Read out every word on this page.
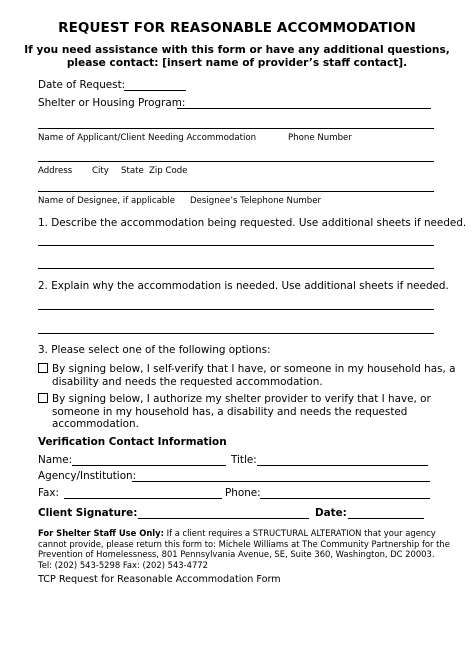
REQUEST FOR REASONABLE ACCOMMODATION
If you need assistance with this form or have any additional questions,
please contact: [insert name of provider’s staff contact].
Date of Request:
Shelter or Housing Program:
Name of Applicant/Client Needing Accommodation	Phone Number
Address City State Zip Code
Name of Designee, if applicable Designee’s Telephone Number
1. Describe the accommodation being requested. Use additional sheets if needed.
2. Explain why the accommodation is needed. Use additional sheets if needed.
3. Please select one of the following options:
By signing below, I self-verify that I have, or someone in my household has, a
disability and needs the requested accommodation.
By signing below, I authorize my shelter provider to verify that I have, or
someone in my household has, a disability and needs the requested
accommodation.
Verification Contact Information
Name:	Title:
Agency/Institution:
Fax:	Phone:
Client Signature:	Date:
For Shelter Staff Use Only: If a client requires a STRUCTURAL ALTERATION that your agency
cannot provide, please return this form to: Michele Williams at The Community Partnership for the
Prevention of Homelessness, 801 Pennsylvania Avenue, SE, Suite 360, Washington, DC 20003.
Tel: (202) 543-5298 Fax: (202) 543-4772
TCP Request for Reasonable Accommodation Form
